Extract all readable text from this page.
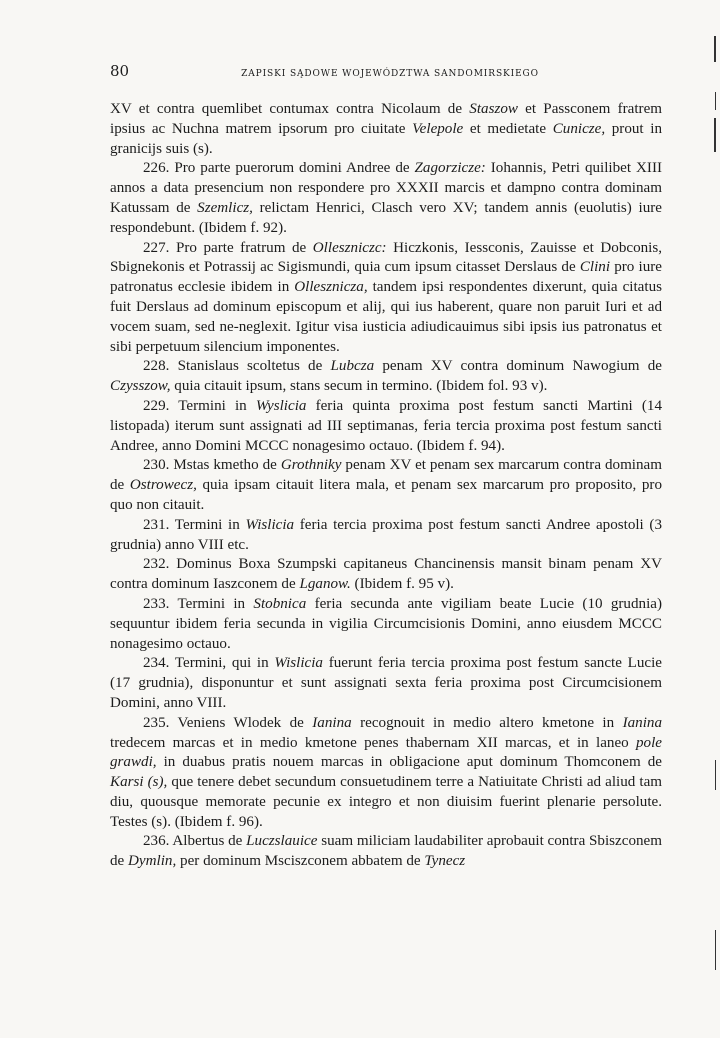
80	ZAPISKI SĄDOWE WOJEWÓDZTWA SANDOMIRSKIEGO

XV et contra quemlibet contumax contra Nicolaum de Staszow et Passconem fratrem ipsius ac Nuchna matrem ipsorum pro ciuitate Velepole et medietate Cunicze, prout in granicijs suis (s).

226. Pro parte puerorum domini Andree de Zagorzicze: Iohannis, Petri quilibet XIII annos a data presencium non respondere pro XXXII marcis et dampno contra dominam Katussam de Szemlicz, relictam Henrici, Clasch vero XV; tandem annis (euolutis) iure respondebunt. (Ibidem f. 92).

227. Pro parte fratrum de Olleszniczc: Hiczkonis, Iessconis, Zauisse et Dobconis, Sbignekonis et Potrassij ac Sigismundi, quia cum ipsum citasset Derslaus de Clini pro iure patronatus ecclesie ibidem in Olleszniczа, tandem ipsi respondentes dixerunt, quia citatus fuit Derslaus ad dominum episcopum et alij, qui ius haberent, quare non paruit Iuri et ad vocem suam, sed ne-neglexit. Igitur visa iusticia adiudicauimus sibi ipsis ius patronatus et sibi perpetuum silencium imponentes.

228. Stanislaus scoltetus de Lubcza penam XV contra dominum Nawogium de Czysszow, quia citauit ipsum, stans secum in termino. (Ibidem fol. 93 v).

229. Termini in Wyslicia feria quinta proxima post festum sancti Martini (14 listopada) iterum sunt assignati ad III septimanas, feria tercia proxima post festum sancti Andree, anno Domini MCCC nonagesimo octauo. (Ibidem f. 94).

230. Mstas kmetho de Grothniky penam XV et penam sex marcarum contra dominam de Ostrowecz, quia ipsam citauit litera mala, et penam sex marcarum pro proposito, pro quo non citauit.

231. Termini in Wislicia feria tercia proxima post festum sancti Andree apostoli (3 grudnia) anno VIII etc.

232. Dominus Boxa Szumpski capitaneus Chancinensis mansit binam penam XV contra dominum Iaszconem de Lganow. (Ibidem f. 95 v).

233. Termini in Stobnica feria secunda ante vigiliam beate Lucie (10 grudnia) sequuntur ibidem feria secunda in vigilia Circumcisionis Domini, anno eiusdem MCCC nonagesimo octauo.

234. Termini, qui in Wislicia fuerunt feria tercia proxima post festum sancte Lucie (17 grudnia), disponuntur et sunt assignati sexta feria proxima post Circumcisionem Domini, anno VIII.

235. Veniens Wlodek de Ianina recognouit in medio altero kmetone in Ianina tredecem marcas et in medio kmetone penes thabernam XII marcas, et in laneo pole grawdi, in duabus pratis nouem marcas in obligacione aput dominum Thomconem de Karsi (s), que tenere debet secundum consuetudinem terre a Natiuitate Christi ad aliud tam diu, quousque memorate pecunie ex integro et non diuisim fuerint plenarie persolute. Testes (s). (Ibidem f. 96).

236. Albertus de Luczslauice suam miliciam laudabiliter aprobauit contra Sbiszconem de Dymlin, per dominum Msciszconem abbatem de Tynecz
